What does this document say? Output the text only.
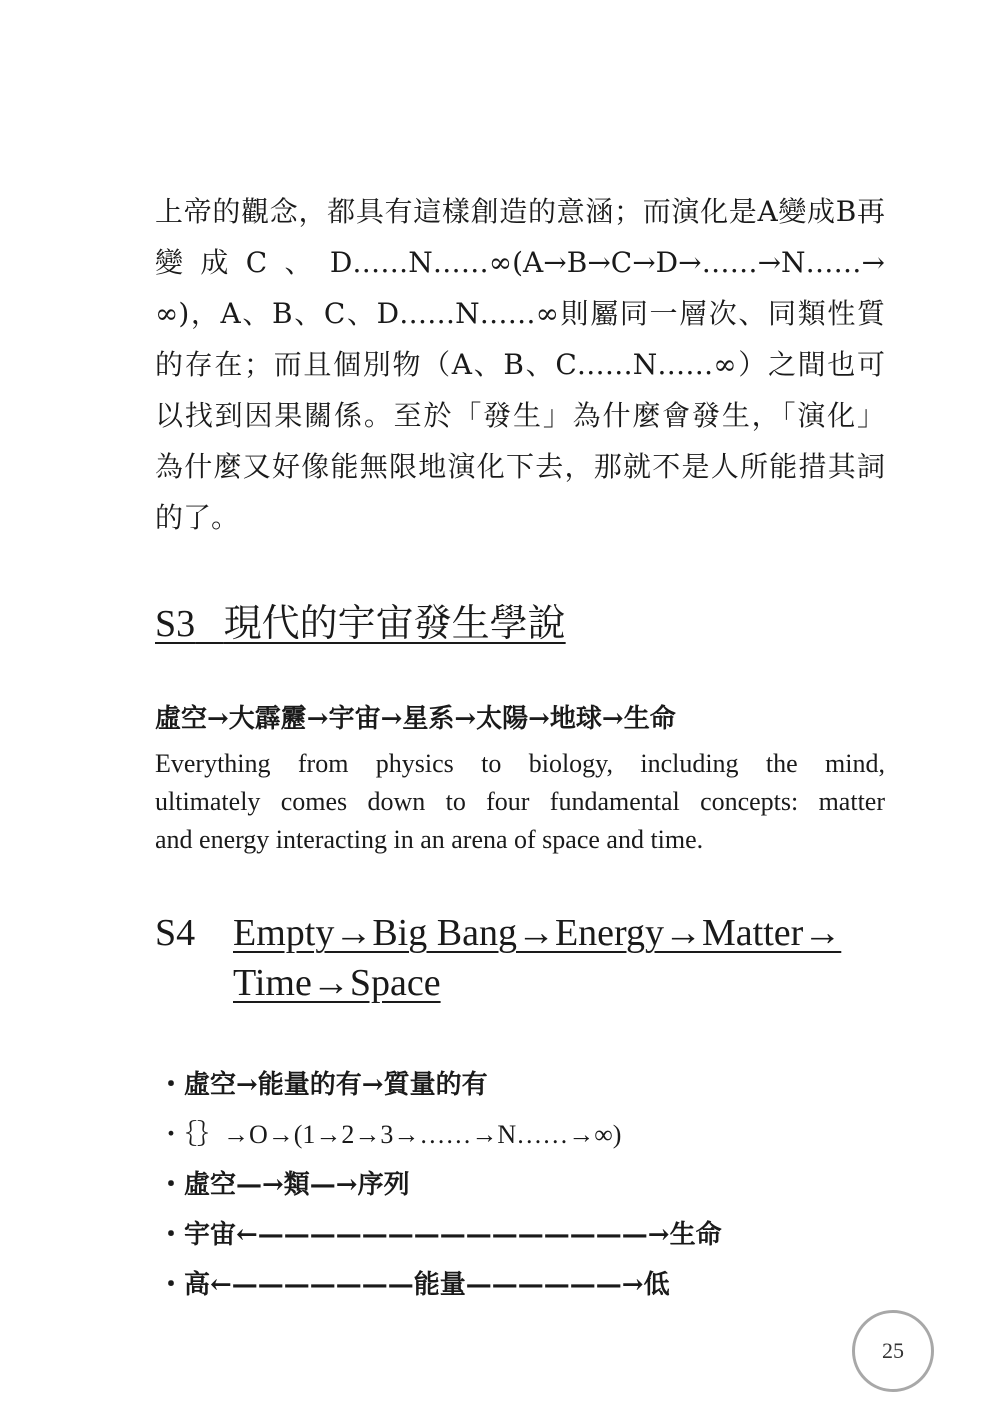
上帝的觀念，都具有這樣創造的意涵；而演化是A變成B再
變成C、D……N……∞(A→B→C→D→……→N……→
∞)，A、B、C、D……N……∞則屬同一層次、同類性質
的存在；而且個別物（A、B、C……N……∞）之間也可
以找到因果關係。至於「發生」為什麼會發生，「演化」
為什麼又好像能無限地演化下去，那就不是人所能措其詞
的了。
S3 現代的宇宙發生學說
虛空→大霹靂→宇宙→星系→太陽→地球→生命
Everything from physics to biology, including the mind,
ultimately comes down to four fundamental concepts: matter
and energy interacting in an arena of space and time.
S4 Empty→Big Bang→Energy→Matter→
Time→Space
・虛空→能量的有→質量的有
・｛｝→O→(1→2→3→……→N……→∞)
・虛空—→類—→序列
・宇宙←———————————————→生命
・高←———————能量——————→低
25
